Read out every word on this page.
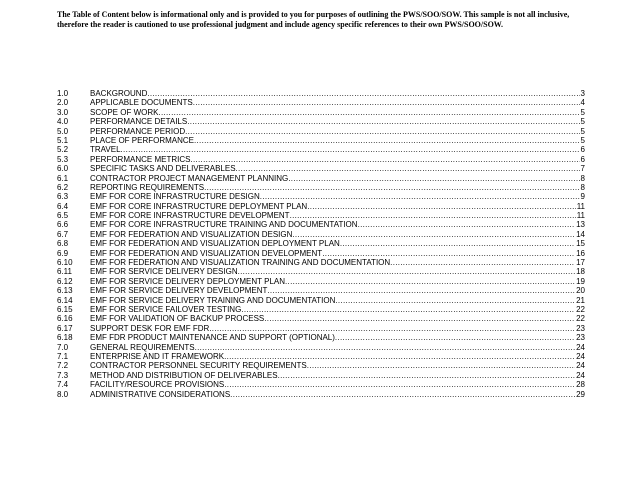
The Table of Content below is informational only and is provided to you for purposes of outlining the PWS/SOO/SOW. This sample is not all inclusive, therefore the reader is cautioned to use professional judgment and include agency specific references to their own PWS/SOO/SOW.

1.0	BACKGROUND .....	3
2.0	APPLICABLE DOCUMENTS .....	4
3.0	SCOPE OF WORK .....	5
4.0	PERFORMANCE DETAILS .....	5
5.0	PERFORMANCE PERIOD .....	5
5.1	PLACE OF PERFORMANCE .....	5
5.2	TRAVEL .....	6
5.3	PERFORMANCE METRICS .....	6
6.0	SPECIFIC TASKS AND DELIVERABLES .....	7
6.1	CONTRACTOR PROJECT MANAGEMENT PLANNING .....	8
6.2	REPORTING REQUIREMENTS .....	8
6.3	EMF FOR CORE INFRASTRUCTURE DESIGN .....	9
6.4	EMF FOR CORE INFRASTRUCTURE DEPLOYMENT PLAN .....	11
6.5	EMF FOR CORE INFRASTRUCTURE DEVELOPMENT .....	11
6.6	EMF FOR CORE INFRASTRUCTURE TRAINING AND DOCUMENTATION .....	13
6.7	EMF FOR FEDERATION AND VISUALIZATION DESIGN .....	14
6.8	EMF FOR FEDERATION AND VISUALIZATION DEPLOYMENT PLAN .....	15
6.9	EMF FOR FEDERATION AND VISUALIZATION DEVELOPMENT .....	16
6.10	EMF FOR FEDERATION AND VISUALIZATION TRAINING AND DOCUMENTATION .....	17
6.11	EMF FOR SERVICE DELIVERY DESIGN .....	18
6.12	EMF FOR SERVICE DELIVERY DEPLOYMENT PLAN .....	19
6.13	EMF FOR SERVICE DELIVERY DEVELOPMENT .....	20
6.14	EMF FOR SERVICE DELIVERY TRAINING AND DOCUMENTATION .....	21
6.15	EMF FOR SERVICE FAILOVER TESTING .....	22
6.16	EMF FOR VALIDATION OF BACKUP PROCESS .....	22
6.17	SUPPORT DESK FOR EMF FDR .....	23
6.18	EMF FDR PRODUCT MAINTENANCE AND SUPPORT (OPTIONAL) .....	23
7.0	GENERAL REQUIREMENTS .....	24
7.1	ENTERPRISE AND IT FRAMEWORK .....	24
7.2	CONTRACTOR PERSONNEL SECURITY REQUIREMENTS .....	24
7.3	METHOD AND DISTRIBUTION OF DELIVERABLES .....	24
7.4	FACILITY/RESOURCE PROVISIONS .....	28
8.0	ADMINISTRATIVE CONSIDERATIONS .....	29
